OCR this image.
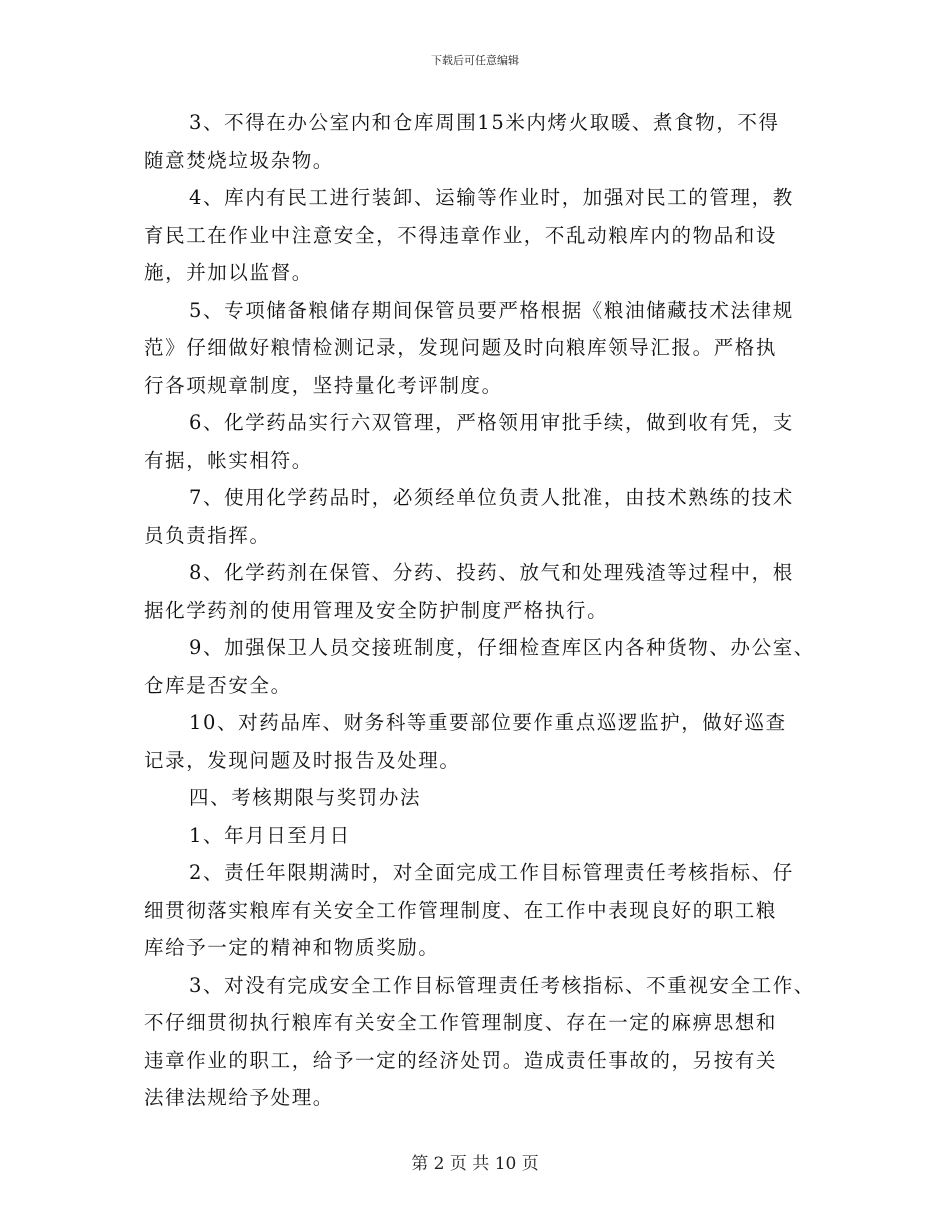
下载后可任意编辑
3、不得在办公室内和仓库周围15米内烤火取暖、煮食物，不得
随意焚烧垃圾杂物。
4、库内有民工进行装卸、运输等作业时，加强对民工的管理，教
育民工在作业中注意安全，不得违章作业，不乱动粮库内的物品和设
施，并加以监督。
5、专项储备粮储存期间保管员要严格根据《粮油储藏技术法律规
范》仔细做好粮情检测记录，发现问题及时向粮库领导汇报。严格执
行各项规章制度，坚持量化考评制度。
6、化学药品实行六双管理，严格领用审批手续，做到收有凭，支
有据，帐实相符。
7、使用化学药品时，必须经单位负责人批准，由技术熟练的技术
员负责指挥。
8、化学药剂在保管、分药、投药、放气和处理残渣等过程中，根
据化学药剂的使用管理及安全防护制度严格执行。
9、加强保卫人员交接班制度，仔细检查库区内各种货物、办公室、
仓库是否安全。
10、对药品库、财务科等重要部位要作重点巡逻监护，做好巡查
记录，发现问题及时报告及处理。
四、考核期限与奖罚办法
1、年月日至月日
2、责任年限期满时，对全面完成工作目标管理责任考核指标、仔
细贯彻落实粮库有关安全工作管理制度、在工作中表现良好的职工粮
库给予一定的精神和物质奖励。
3、对没有完成安全工作目标管理责任考核指标、不重视安全工作、
不仔细贯彻执行粮库有关安全工作管理制度、存在一定的麻痹思想和
违章作业的职工，给予一定的经济处罚。造成责任事故的，另按有关
法律法规给予处理。
第 2 页 共 10 页
